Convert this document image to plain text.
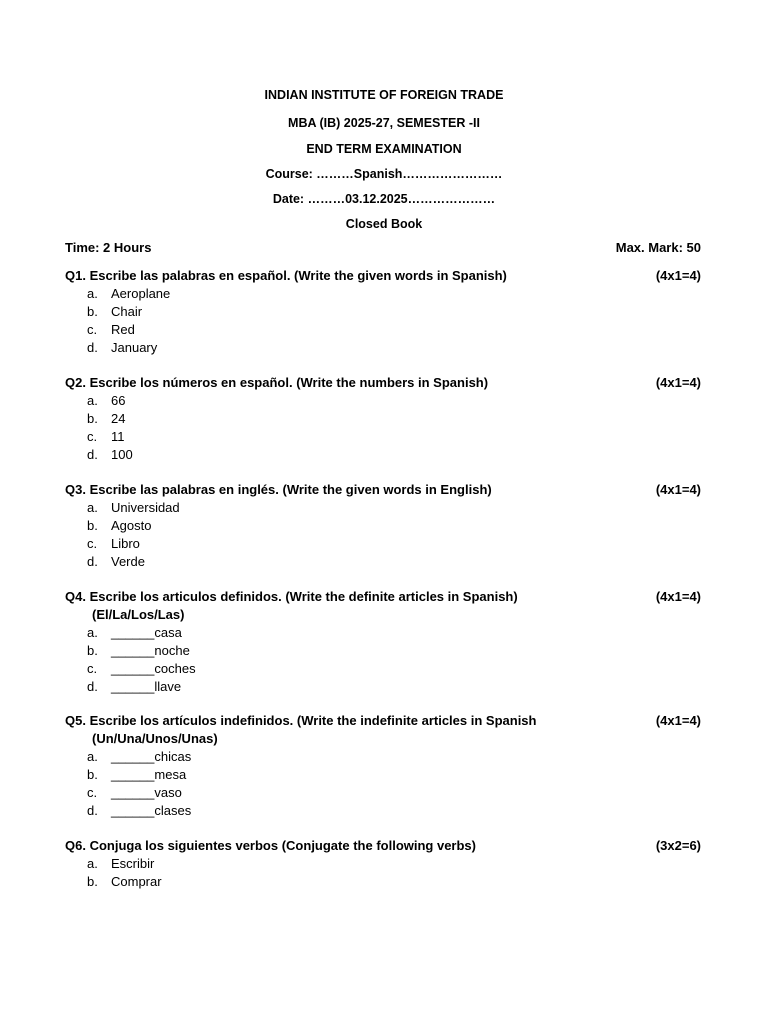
INDIAN INSTITUTE OF FOREIGN TRADE
MBA (IB) 2025-27, SEMESTER -II
END TERM EXAMINATION
Course: ………Spanish……………………
Date: ………03.12.2025…………………
Closed Book
Time: 2 Hours	Max. Mark: 50
Q1. Escribe las palabras en español. (Write the given words in Spanish)	(4x1=4)
a.	Aeroplane
b.	Chair
c.	Red
d.	January
Q2. Escribe los números en español. (Write the numbers in Spanish)	(4x1=4)
a.	66
b.	24
c.	11
d.	100
Q3. Escribe las palabras en inglés. (Write the given words in English)	(4x1=4)
a.	Universidad
b.	Agosto
c.	Libro
d.	Verde
Q4. Escribe los articulos definidos. (Write the definite articles in Spanish)	(4x1=4)
(El/La/Los/Las)
a.	______casa
b.	______noche
c.	______coches
d.	______llave
Q5. Escribe los artículos indefinidos. (Write the indefinite articles in Spanish	(4x1=4)
(Un/Una/Unos/Unas)
a.	______chicas
b.	______mesa
c.	______vaso
d.	______clases
Q6. Conjuga los siguientes verbos (Conjugate the following verbs)	(3x2=6)
a.	Escribir
b.	Comprar
